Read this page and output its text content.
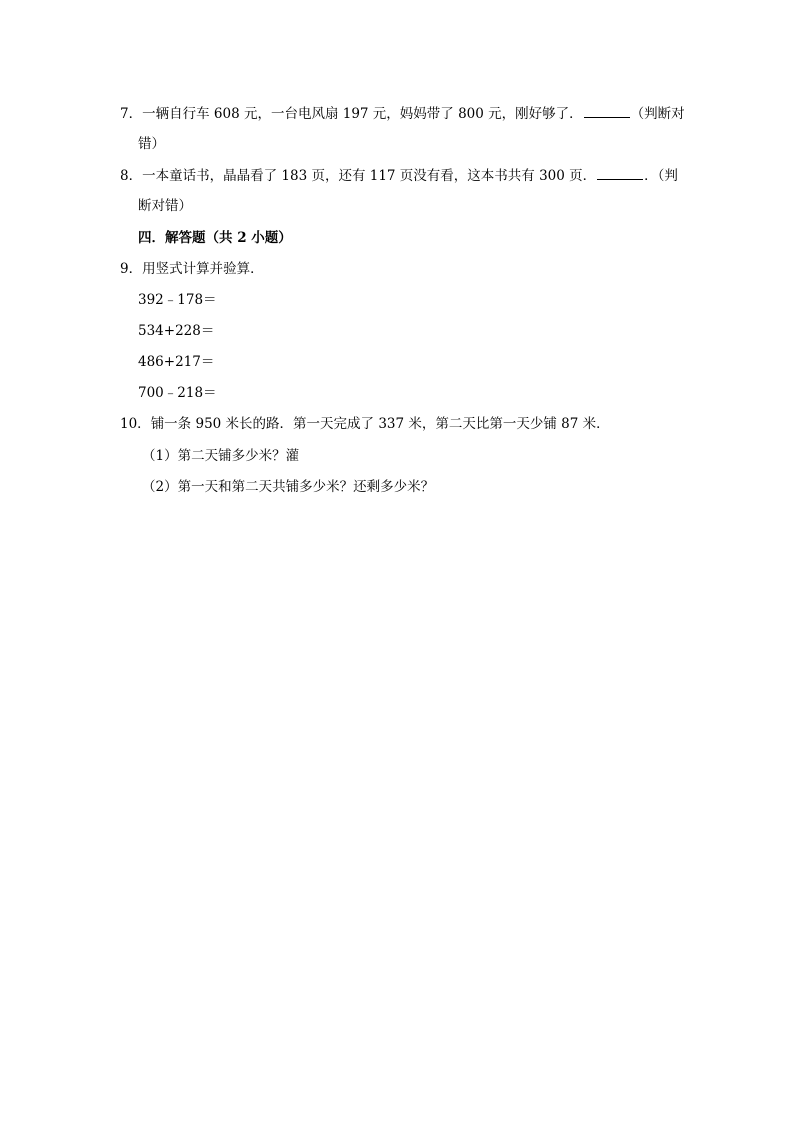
7．一辆自行车 608 元，一台电风扇 197 元，妈妈带了 800 元，刚好够了．	（判断对
错）
8．一本童话书，晶晶看了 183 页，还有 117 页没有看，这本书共有 300 页．	．（判
断对错）
四．解答题（共 2 小题）
9．用竖式计算并验算．
392﹣178＝
534+228＝
486+217＝
700﹣218＝
10．铺一条 950 米长的路．第一天完成了 337 米，第二天比第一天少铺 87 米．
（1）第二天铺多少米？灌
（2）第一天和第二天共铺多少米？还剩多少米？
